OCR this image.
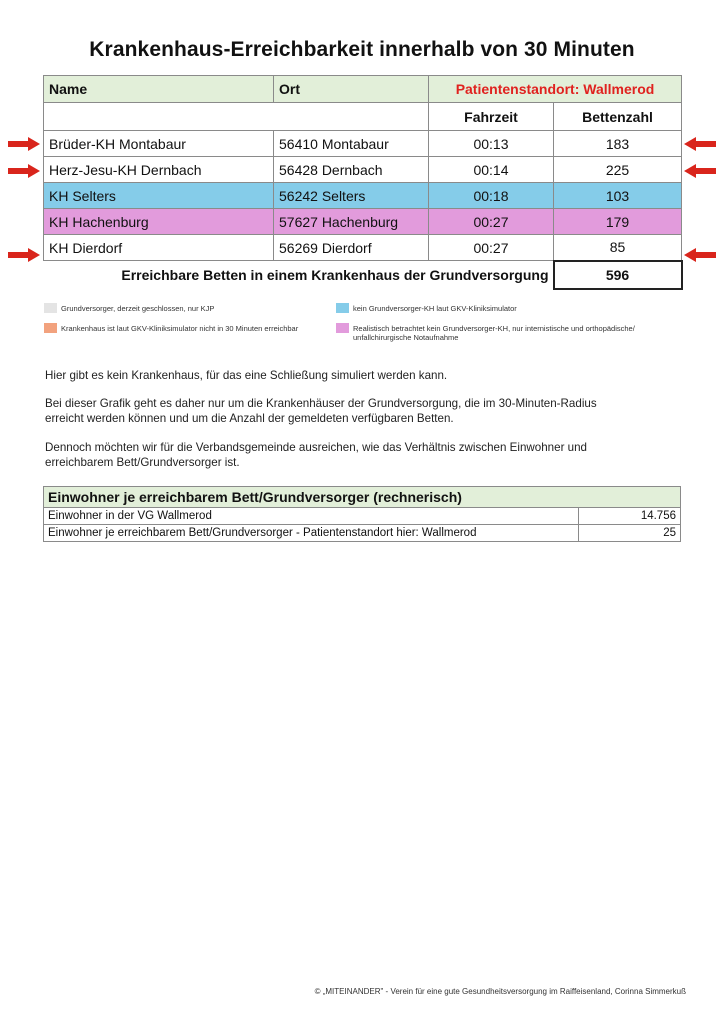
Krankenhaus-Erreichbarkeit innerhalb von 30 Minuten
Name	Ort	Patientenstandort: Wallmerod	
		Fahrzeit	Bettenzahl
Brüder-KH Montabaur	56410 Montabaur	00:13	183
Herz-Jesu-KH Dernbach	56428 Dernbach	00:14	225
KH Selters	56242 Selters	00:18	103
KH Hachenburg	57627 Hachenburg	00:27	179
KH Dierdorf	56269 Dierdorf	00:27	85
Erreichbare Betten in einem Krankenhaus der Grundversorgung			596
Grundversorger, derzeit geschlossen, nur KJP	kein Grundversorger-KH laut GKV-Kliniksimulator
Krankenhaus ist laut GKV-Kliniksimulator nicht in 30 Minuten erreichbar	Realistisch betrachtet kein Grundversorger-KH, nur internistische und orthopädische/
unfallchirurgische Notaufnahme
Hier gibt es kein Krankenhaus, für das eine Schließung simuliert werden kann.
Bei dieser Grafik geht es daher nur um die Krankenhäuser der Grundversorgung, die im 30-Minuten-Radius
erreicht werden können und um die Anzahl der gemeldeten verfügbaren Betten.
Dennoch möchten wir für die Verbandsgemeinde ausreichen, wie das Verhältnis zwischen Einwohner und
erreichbarem Bett/Grundversorger ist.
Einwohner je erreichbarem Bett/Grundversorger (rechnerisch)	
Einwohner in der VG Wallmerod	14.756
Einwohner je erreichbarem Bett/Grundversorger - Patientenstandort hier: Wallmerod	25
© „MITEINANDER" - Verein für eine gute Gesundheitsversorgung im Raiffeisenland, Corinna Simmerkuß
